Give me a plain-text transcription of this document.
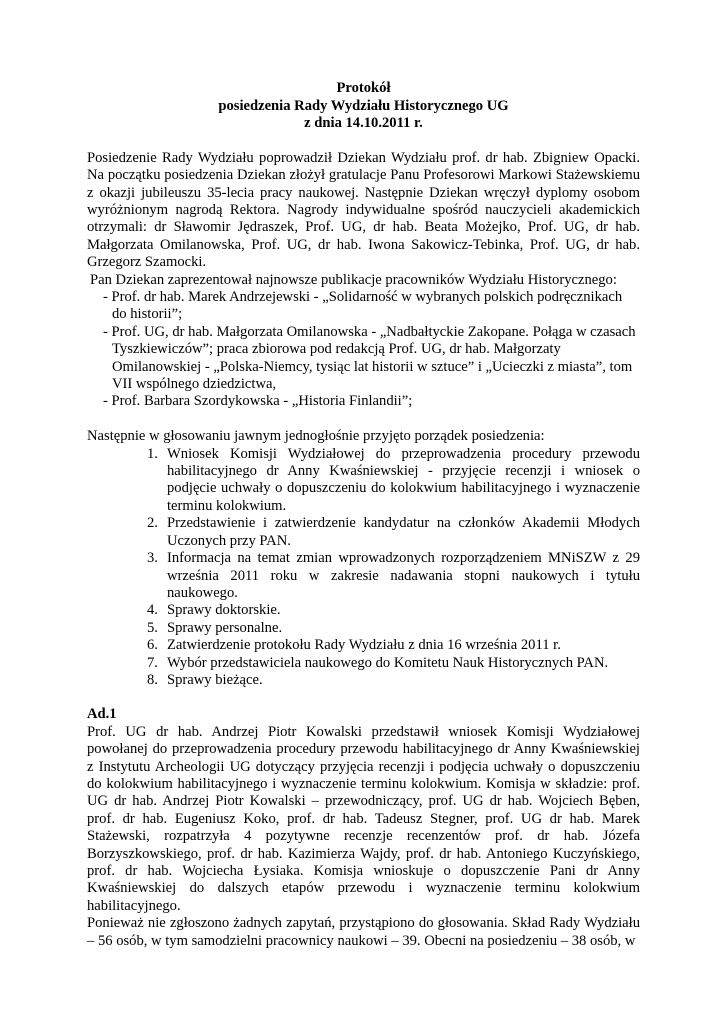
Protokół
posiedzenia Rady Wydziału Historycznego UG
z dnia 14.10.2011 r.

Posiedzenie Rady Wydziału poprowadził Dziekan Wydziału prof. dr hab. Zbigniew Opacki. Na początku posiedzenia Dziekan złożył gratulacje Panu Profesorowi Markowi Stażewskiemu z okazji jubileuszu 35-lecia pracy naukowej. Następnie Dziekan wręczył dyplomy osobom wyróżnionym nagrodą Rektora. Nagrody indywidualne spośród nauczycieli akademickich otrzymali: dr Sławomir Jędraszek, Prof. UG, dr hab. Beata Możejko, Prof. UG, dr hab. Małgorzata Omilanowska, Prof. UG, dr hab. Iwona Sakowicz-Tebinka, Prof. UG, dr hab. Grzegorz Szamocki.

Pan Dziekan zaprezentował najnowsze publikacje pracowników Wydziału Historycznego:

- Prof. dr hab. Marek Andrzejewski - „Solidarność w wybranych polskich podręcznikach do historii”;
- Prof. UG, dr hab. Małgorzata Omilanowska - „Nadbałtyckie Zakopane. Połąga w czasach Tyszkiewiczów”; praca zbiorowa pod redakcją Prof. UG, dr hab. Małgorzaty Omilanowskiej - „Polska-Niemcy, tysiąc lat historii w sztuce” i „Ucieczki z miasta”, tom VII wspólnego dziedzictwa,
- Prof. Barbara Szordykowska - „Historia Finlandii”;

Następnie w głosowaniu jawnym jednogłośnie przyjęto porządek posiedzenia:

1. Wniosek Komisji Wydziałowej do przeprowadzenia procedury przewodu habilitacyjnego dr Anny Kwaśniewskiej - przyjęcie recenzji i wniosek o podjęcie uchwały o dopuszczeniu do kolokwium habilitacyjnego i wyznaczenie terminu kolokwium.
2. Przedstawienie i zatwierdzenie kandydatur na członków Akademii Młodych Uczonych przy PAN.
3. Informacja na temat zmian wprowadzonych rozporządzeniem MNiSZW z 29 września 2011 roku w zakresie nadawania stopni naukowych i tytułu naukowego.
4. Sprawy doktorskie.
5. Sprawy personalne.
6. Zatwierdzenie protokołu Rady Wydziału z dnia 16 września 2011 r.
7. Wybór przedstawiciela naukowego do Komitetu Nauk Historycznych PAN.
8. Sprawy bieżące.

Ad.1

Prof. UG dr hab. Andrzej Piotr Kowalski przedstawił wniosek Komisji Wydziałowej powołanej do przeprowadzenia procedury przewodu habilitacyjnego dr Anny Kwaśniewskiej z Instytutu Archeologii UG dotyczący przyjęcia recenzji i podjęcia uchwały o dopuszczeniu do kolokwium habilitacyjnego i wyznaczenie terminu kolokwium. Komisja w składzie: prof. UG dr hab. Andrzej Piotr Kowalski – przewodniczący, prof. UG dr hab. Wojciech Bęben, prof. dr hab. Eugeniusz Koko, prof. dr hab. Tadeusz Stegner, prof. UG dr hab. Marek Stażewski, rozpatrzyła 4 pozytywne recenzje recenzentów prof. dr hab. Józefa Borzyszkowskiego, prof. dr hab. Kazimierza Wajdy, prof. dr hab. Antoniego Kuczyńskiego, prof. dr hab. Wojciecha Łysiaka. Komisja wnioskuje o dopuszczenie Pani dr Anny Kwaśniewskiej do dalszych etapów przewodu i wyznaczenie terminu kolokwium habilitacyjnego.

Ponieważ nie zgłoszono żadnych zapytań, przystąpiono do głosowania. Skład Rady Wydziału – 56 osób, w tym samodzielni pracownicy naukowi – 39. Obecni na posiedzeniu – 38 osób, w
